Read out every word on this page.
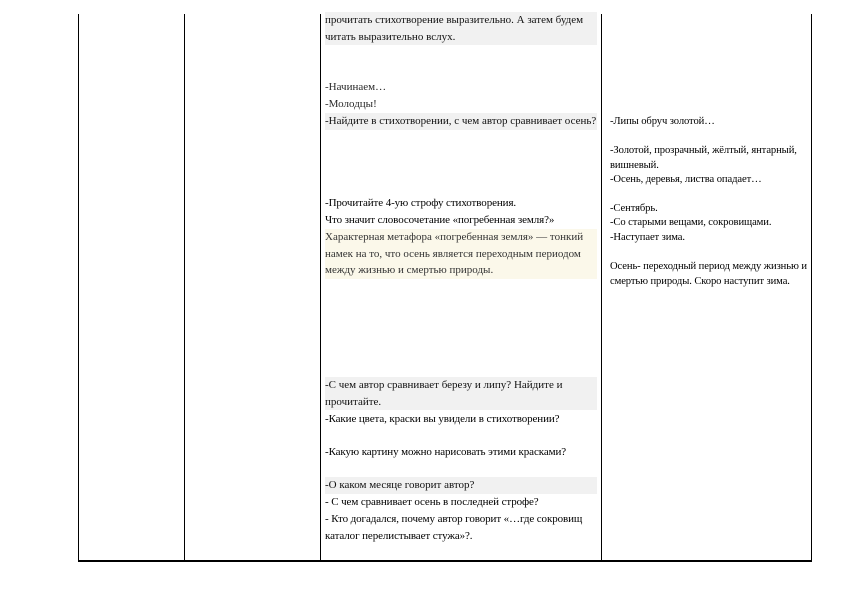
прочитать стихотворение выразительно. А затем будем читать выразительно вслух.

-Начинаем…

-Молодцы!

-Найдите в стихотворении, с чем автор сравнивает осень?

-Прочитайте 4-ую строфу стихотворения.

Что значит словосочетание «погребенная земля?»

Характерная метафора «погребенная земля» — тонкий намек на то, что осень является переходным периодом между жизнью и смертью природы.

-С чем автор сравнивает березу и липу? Найдите и прочитайте.

-Какие цвета, краски вы увидели в стихотворении?

-Какую картину можно нарисовать этими красками?

-О каком месяце говорит автор?

- С чем сравнивает осень в последней строфе?

- Кто догадался, почему автор говорит «…где сокровищ каталог перелистывает стужа»?.

-Липы обруч золотой…

-Золотой, прозрачный, жёлтый, янтарный, вишневый.

-Осень, деревья, листва опадает…

-Сентябрь.

-Со старыми вещами, сокровищами.

-Наступает зима.

Осень- переходный период между жизнью и смертью природы. Скоро наступит зима.
